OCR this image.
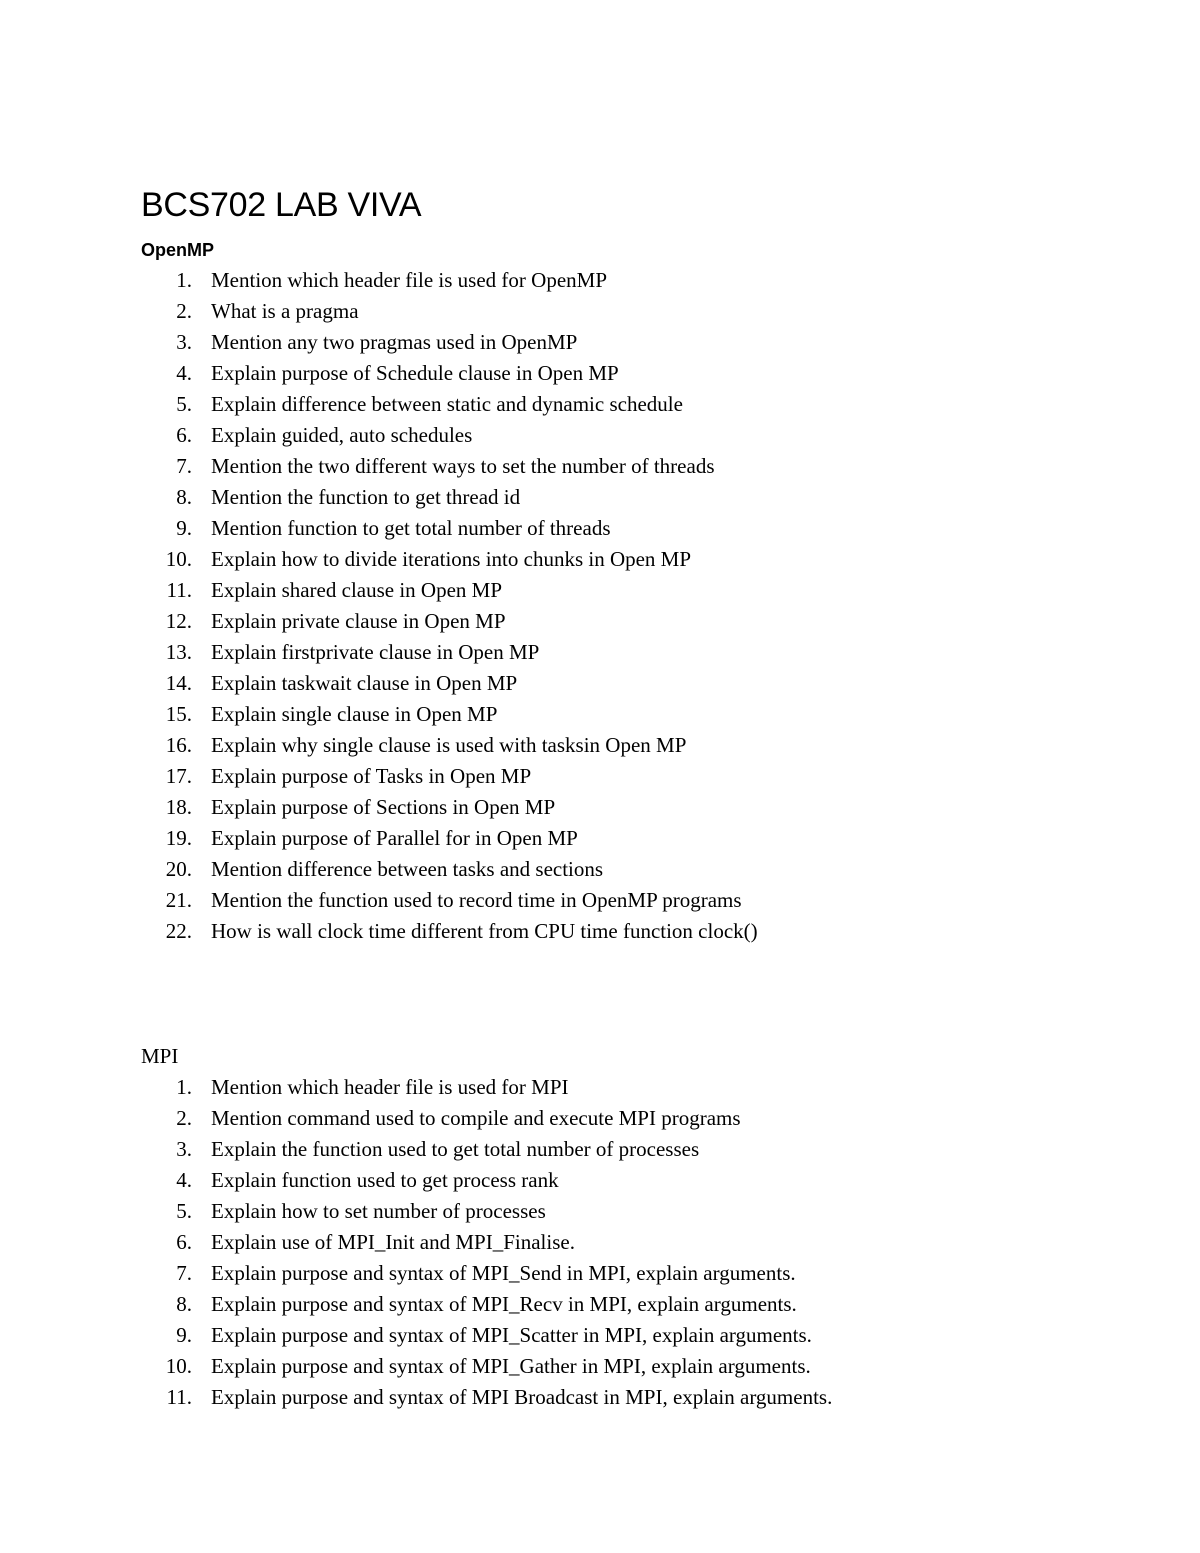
BCS702 LAB VIVA
OpenMP
1. Mention which header file is used for OpenMP
2. What is a pragma
3. Mention any two pragmas used in OpenMP
4. Explain purpose of Schedule clause in Open MP
5. Explain difference between static and dynamic schedule
6. Explain guided, auto schedules
7. Mention the two different ways to set the number of threads
8. Mention the function to get thread id
9. Mention function to get total number of threads
10. Explain how to divide iterations into chunks in Open MP
11. Explain shared clause in Open MP
12. Explain private clause in Open MP
13. Explain firstprivate clause in Open MP
14. Explain taskwait clause in Open MP
15. Explain single clause in Open MP
16. Explain why single clause is used with tasksin Open MP
17. Explain purpose of Tasks in Open MP
18. Explain purpose of Sections in Open MP
19. Explain purpose of Parallel for in Open MP
20. Mention difference between tasks and sections
21. Mention the function used to record time in OpenMP programs
22. How is wall clock time different from CPU time function clock()
MPI
1. Mention which header file is used for MPI
2. Mention command used to compile and execute MPI programs
3. Explain the function used to get total number of processes
4. Explain function used to get process rank
5. Explain how to set number of processes
6. Explain use of MPI_Init and MPI_Finalise.
7. Explain purpose and syntax of MPI_Send in MPI, explain arguments.
8. Explain purpose and syntax of MPI_Recv in MPI, explain arguments.
9. Explain purpose and syntax of MPI_Scatter in MPI, explain arguments.
10. Explain purpose and syntax of MPI_Gather in MPI, explain arguments.
11. Explain purpose and syntax of MPI Broadcast in MPI, explain arguments.
